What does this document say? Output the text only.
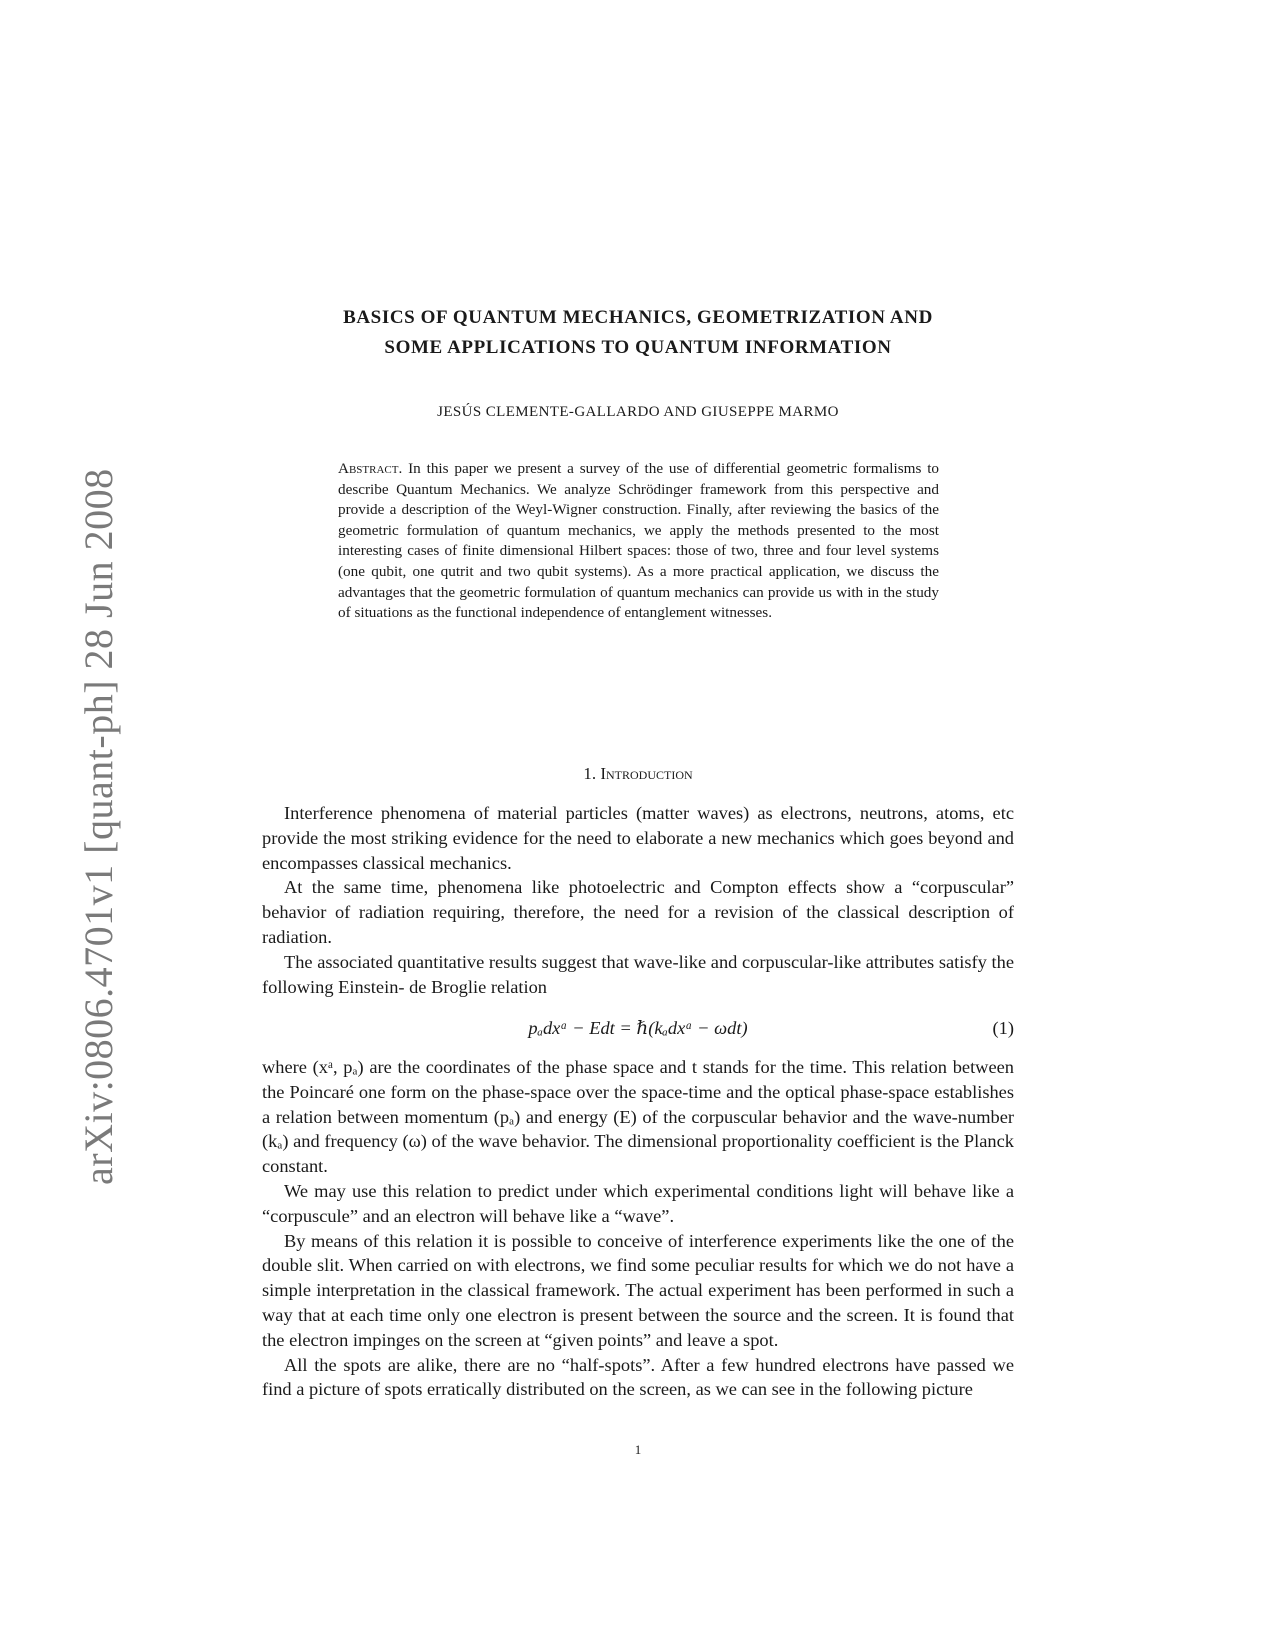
arXiv:0806.4701v1 [quant-ph] 28 Jun 2008
BASICS OF QUANTUM MECHANICS, GEOMETRIZATION AND
SOME APPLICATIONS TO QUANTUM INFORMATION
JESÚS CLEMENTE-GALLARDO AND GIUSEPPE MARMO

Abstract. In this paper we present a survey of the use of differential geometric formalisms to describe Quantum Mechanics. We analyze Schrödinger framework from this perspective and provide a description of the Weyl-Wigner construction. Finally, after reviewing the basics of the geometric formulation of quantum mechanics, we apply the methods presented to the most interesting cases of finite dimensional Hilbert spaces: those of two, three and four level systems (one qubit, one qutrit and two qubit systems). As a more practical application, we discuss the advantages that the geometric formulation of quantum mechanics can provide us with in the study of situations as the functional independence of entanglement witnesses.

1. Introduction

Interference phenomena of material particles (matter waves) as electrons, neutrons, atoms, etc provide the most striking evidence for the need to elaborate a new mechanics which goes beyond and encompasses classical mechanics.

At the same time, phenomena like photoelectric and Compton effects show a “corpuscular” behavior of radiation requiring, therefore, the need for a revision of the classical description of radiation.

The associated quantitative results suggest that wave-like and corpuscular-like attributes satisfy the following Einstein- de Broglie relation

pₐdxᵃ − Edt = ℏ(kₐdxᵃ − ωdt)	(1)

where (xᵃ, pₐ) are the coordinates of the phase space and t stands for the time. This relation between the Poincaré one form on the phase-space over the space-time and the optical phase-space establishes a relation between momentum (pₐ) and energy (E) of the corpuscular behavior and the wave-number (kₐ) and frequency (ω) of the wave behavior. The dimensional proportionality coefficient is the Planck constant.

We may use this relation to predict under which experimental conditions light will behave like a “corpuscule” and an electron will behave like a “wave”.

By means of this relation it is possible to conceive of interference experiments like the one of the double slit. When carried on with electrons, we find some peculiar results for which we do not have a simple interpretation in the classical framework. The actual experiment has been performed in such a way that at each time only one electron is present between the source and the screen. It is found that the electron impinges on the screen at “given points” and leave a spot.

All the spots are alike, there are no “half-spots”. After a few hundred electrons have passed we find a picture of spots erratically distributed on the screen, as we can see in the following picture

1
